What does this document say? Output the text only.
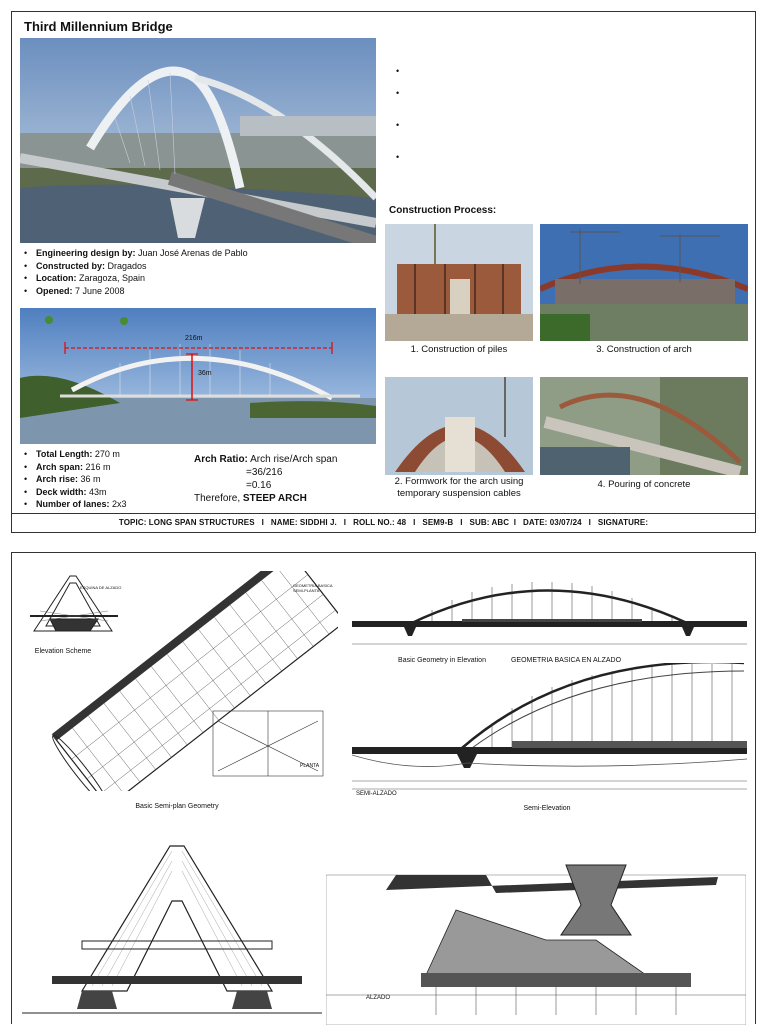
Third Millennium Bridge
• Engineering design by: Juan José Arenas de Pablo
• Constructed by: Dragados
• Location: Zaragoza, Spain
• Opened: 7 June 2008
216m
36m
• Total Length: 270 m
• Arch span: 216 m
• Arch rise: 36 m
• Deck width: 43m
• Number of lanes: 2x3
Arch Ratio: Arch rise/Arch span
=36/216
=0.16
Therefore, STEEP ARCH
•
•
•
•
Construction Process:
1. Construction of piles	3. Construction of arch
2. Formwork for the arch using temporary suspension cables
4. Pouring of concrete
TOPIC: LONG SPAN STRUCTURES   I   NAME: SIDDHI J.   I   ROLL NO.: 48   I   SEM9-B   I   SUB: ABC  I   DATE: 03/07/24   I   SIGNATURE:
ESQUINA DE ALZADO
Elevation Scheme
GEOMETRIA BASICA SEMI-PLANTA
PLANTA
Basic Semi-plan Geometry
Basic Geometry in Elevation	GEOMETRIA BASICA EN ALZADO
SEMI-ALZADO
Semi-Elevation
ALZADO
